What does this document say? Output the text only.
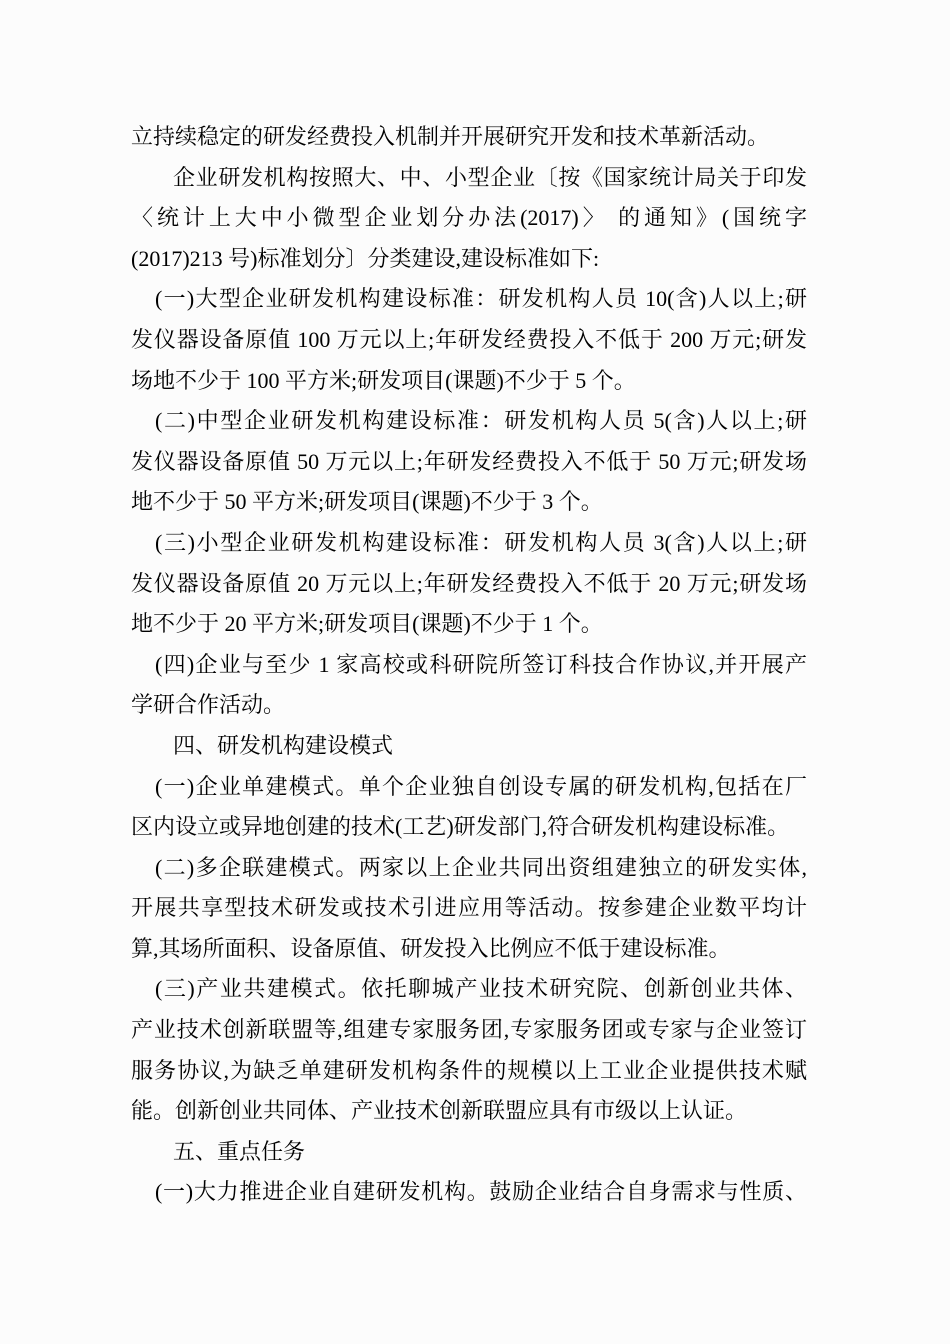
立持续稳定的研发经费投入机制并开展研究开发和技术革新活动。
企业研发机构按照大、中、小型企业〔按《国家统计局关于印发
〈统计上大中小微型企业划分办法(2017)〉 的通知》(国统字
(2017)213 号)标准划分〕分类建设,建设标准如下:
(一)大型企业研发机构建设标准：研发机构人员 10(含)人以上;研
发仪器设备原值 100 万元以上;年研发经费投入不低于 200 万元;研发
场地不少于 100 平方米;研发项目(课题)不少于 5 个。
(二)中型企业研发机构建设标准：研发机构人员 5(含)人以上;研
发仪器设备原值 50 万元以上;年研发经费投入不低于 50 万元;研发场
地不少于 50 平方米;研发项目(课题)不少于 3 个。
(三)小型企业研发机构建设标准：研发机构人员 3(含)人以上;研
发仪器设备原值 20 万元以上;年研发经费投入不低于 20 万元;研发场
地不少于 20 平方米;研发项目(课题)不少于 1 个。
(四)企业与至少 1 家高校或科研院所签订科技合作协议,并开展产
学研合作活动。
四、研发机构建设模式
(一)企业单建模式。单个企业独自创设专属的研发机构,包括在厂
区内设立或异地创建的技术(工艺)研发部门,符合研发机构建设标准。
(二)多企联建模式。两家以上企业共同出资组建独立的研发实体,
开展共享型技术研发或技术引进应用等活动。按参建企业数平均计
算,其场所面积、设备原值、研发投入比例应不低于建设标准。
(三)产业共建模式。依托聊城产业技术研究院、创新创业共体、
产业技术创新联盟等,组建专家服务团,专家服务团或专家与企业签订
服务协议,为缺乏单建研发机构条件的规模以上工业企业提供技术赋
能。创新创业共同体、产业技术创新联盟应具有市级以上认证。
五、重点任务
(一)大力推进企业自建研发机构。鼓励企业结合自身需求与性质、
